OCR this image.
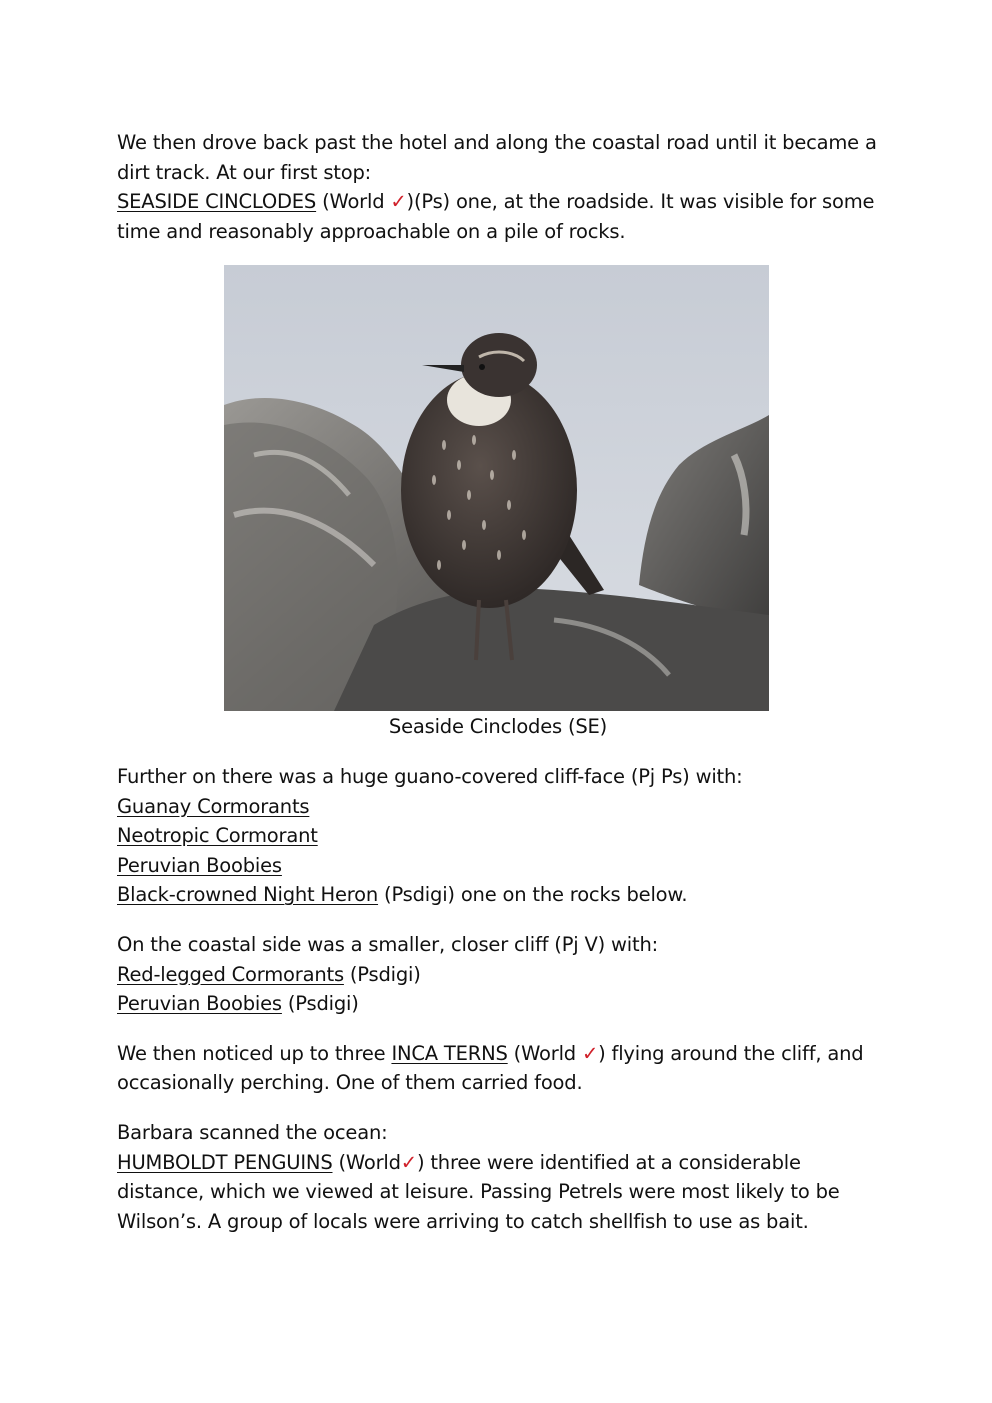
We then drove back past the hotel and along the coastal road until it became a dirt track. At our first stop:
SEASIDE CINCLODES (World ✓)(Ps) one, at the roadside. It was visible for some time and reasonably approachable on a pile of rocks.

Seaside Cinclodes (SE)

Further on there was a huge guano-covered cliff-face (Pj Ps) with:
Guanay Cormorants
Neotropic Cormorant
Peruvian Boobies
Black-crowned Night Heron (Psdigi) one on the rocks below.

On the coastal side was a smaller, closer cliff (Pj V) with:
Red-legged Cormorants (Psdigi)
Peruvian Boobies (Psdigi)

We then noticed up to three INCA TERNS (World ✓) flying around the cliff, and occasionally perching. One of them carried food.

Barbara scanned the ocean:
HUMBOLDT PENGUINS (World✓) three were identified at a considerable distance, which we viewed at leisure. Passing Petrels were most likely to be Wilson’s. A group of locals were arriving to catch shellfish to use as bait.
